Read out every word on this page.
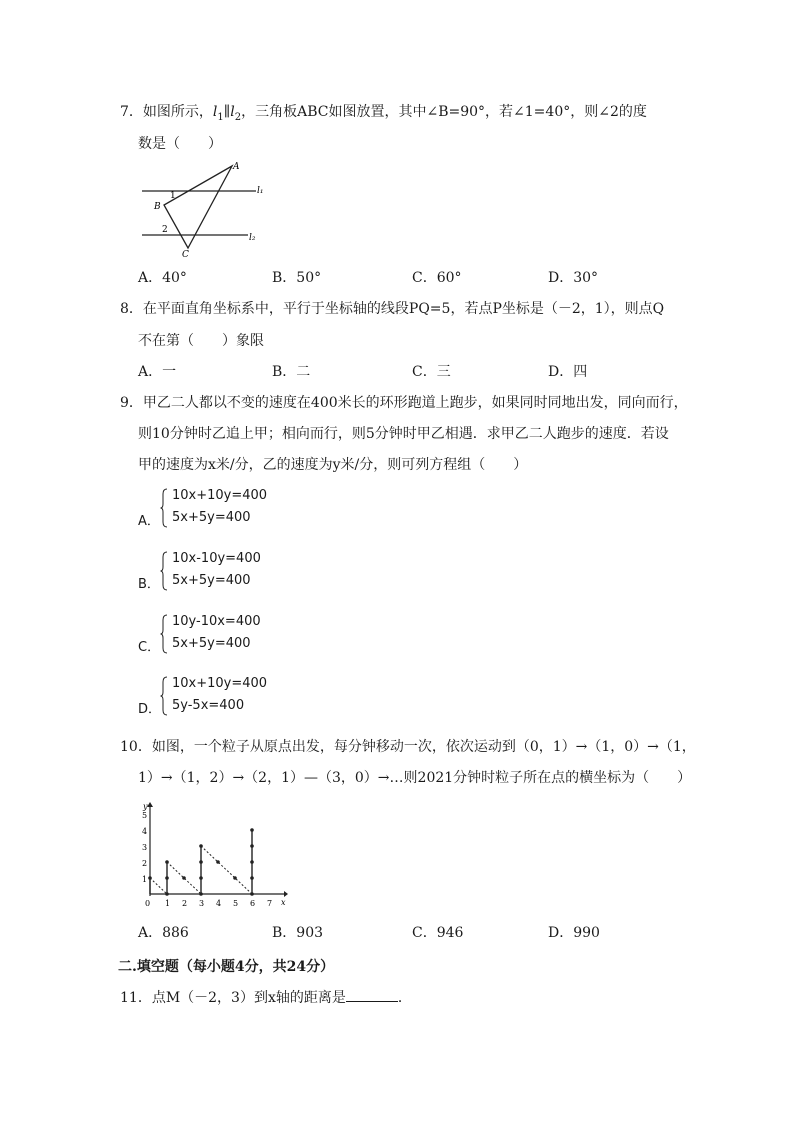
7．如图所示，$l_1\parallel l_2$，三角板ABC如图放置，其中∠B=90°，若∠1=40°，则∠2的度
数是（　　）
A
B
C
1
2
l₁
l₂
A．40°	B．50°	C．60°	D．30°
8．在平面直角坐标系中，平行于坐标轴的线段PQ=5，若点P坐标是（－2，1），则点Q
不在第（　　）象限
A．一	B．二	C．三	D．四
9．甲乙二人都以不变的速度在400米长的环形跑道上跑步，如果同时同地出发，同向而行，
则10分钟时乙追上甲；相向而行，则5分钟时甲乙相遇．求甲乙二人跑步的速度．若设
甲的速度为x米/分，乙的速度为y米/分，则可列方程组（　　）
A．
10x+10y=400
5x+5y=400
B．
10x-10y=400
5x+5y=400
C．
10y-10x=400
5x+5y=400
D．
10x+10y=400
5y-5x=400
10．如图，一个粒子从原点出发，每分钟移动一次，依次运动到（0，1）→（1，0）→（1，
1）→（1，2）→（2，1）—（3，0）→…则2021分钟时粒子所在点的横坐标为（　　）
y
x
0 1 2 3 4 5 6 7
1
2
3
4
5
A．886	B．903	C．946	D．990
二.填空题（每小题4分，共24分）
11．点M（－2，3）到x轴的距离是	．
